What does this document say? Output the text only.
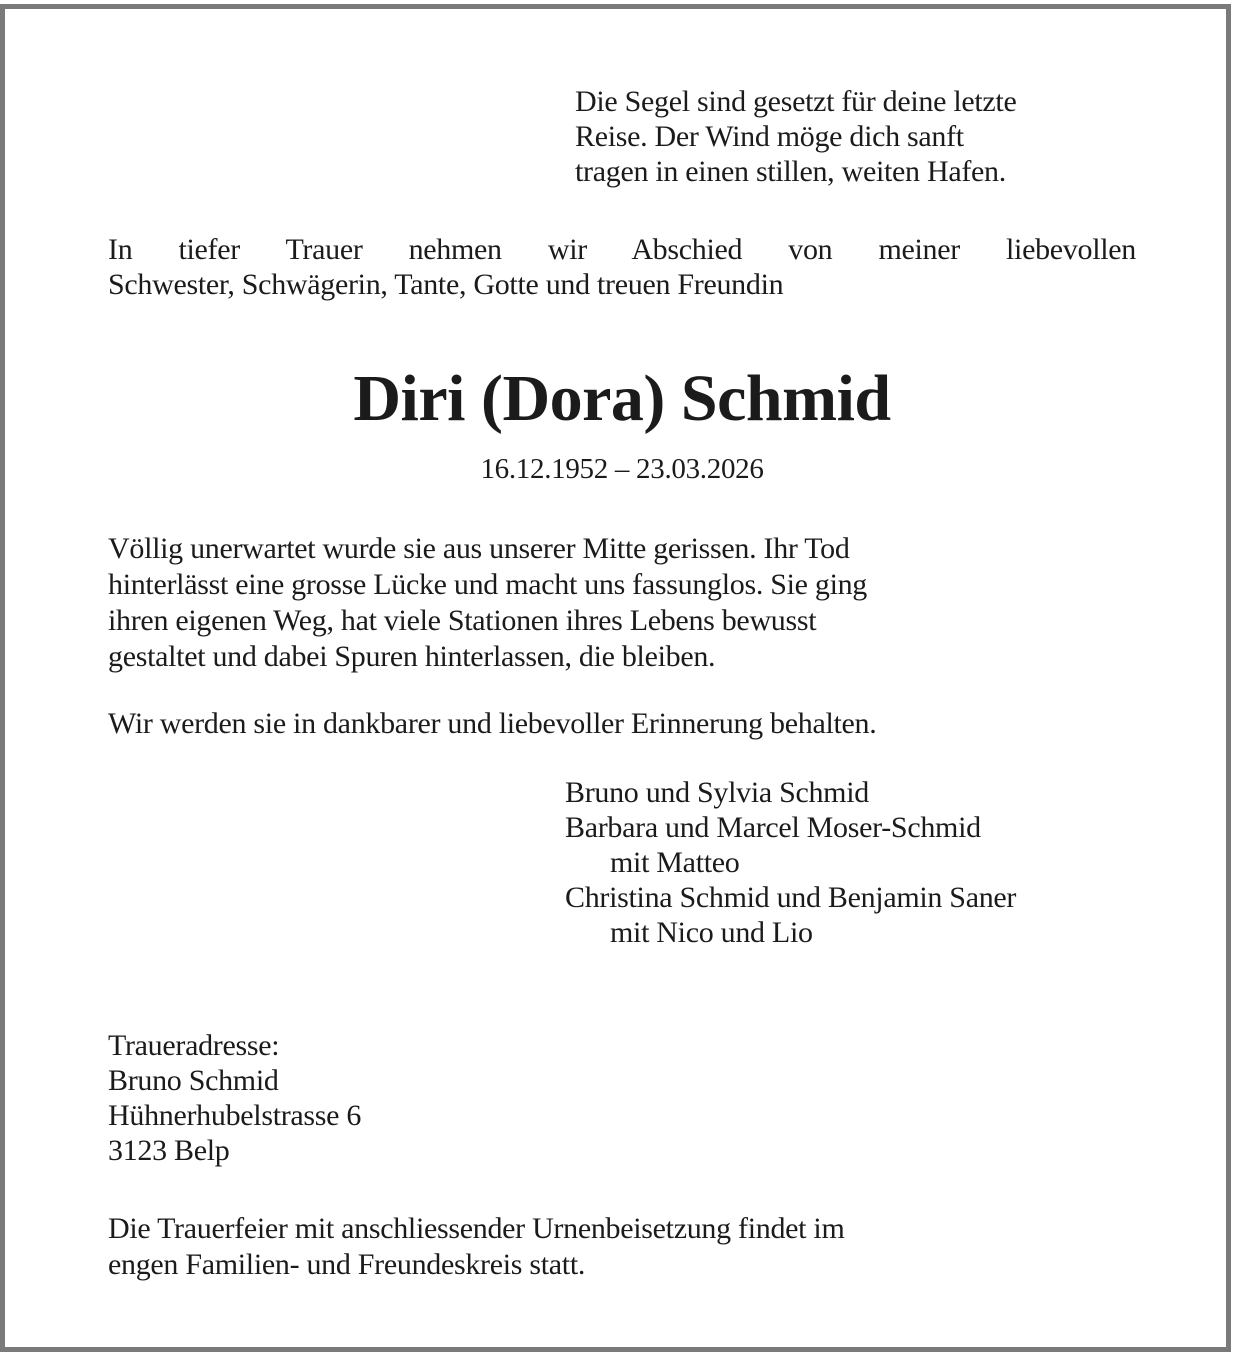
Die Segel sind gesetzt für deine letzte
Reise. Der Wind möge dich sanft
tragen in einen stillen, weiten Hafen.
In tiefer Trauer nehmen wir Abschied von meiner liebevollen
Schwester, Schwägerin, Tante, Gotte und treuen Freundin
Diri (Dora) Schmid
16.12.1952 – 23.03.2026
Völlig unerwartet wurde sie aus unserer Mitte gerissen. Ihr Tod
hinterlässt eine grosse Lücke und macht uns fassunglos. Sie ging
ihren eigenen Weg, hat viele Stationen ihres Lebens bewusst
gestaltet und dabei Spuren hinterlassen, die bleiben.
Wir werden sie in dankbarer und liebevoller Erinnerung behalten.
Bruno und Sylvia Schmid
Barbara und Marcel Moser-Schmid
mit Matteo
Christina Schmid und Benjamin Saner
mit Nico und Lio
Traueradresse:
Bruno Schmid
Hühnerhubelstrasse 6
3123 Belp
Die Trauerfeier mit anschliessender Urnenbeisetzung findet im
engen Familien- und Freundeskreis statt.
